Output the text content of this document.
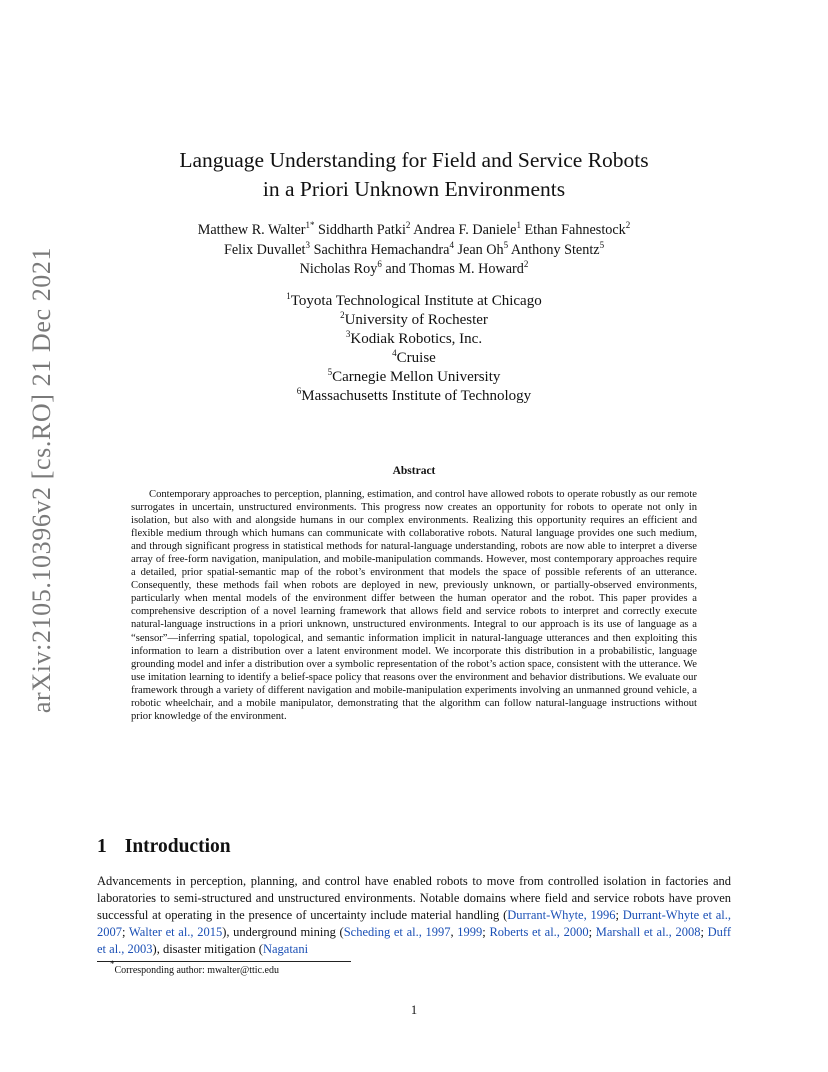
arXiv:2105.10396v2 [cs.RO] 21 Dec 2021
Language Understanding for Field and Service Robots
in a Priori Unknown Environments
Matthew R. Walter$^{1*}$ Siddharth Patki$^2$ Andrea F. Daniele$^1$ Ethan Fahnestock$^2$
Felix Duvallet$^3$ Sachithra Hemachandra$^4$ Jean Oh$^5$ Anthony Stentz$^5$
Nicholas Roy$^6$ and Thomas M. Howard$^2$
$^1$Toyota Technological Institute at Chicago
$^2$University of Rochester
$^3$Kodiak Robotics, Inc.
$^4$Cruise
$^5$Carnegie Mellon University
$^6$Massachusetts Institute of Technology
Abstract
Contemporary approaches to perception, planning, estimation, and control have allowed robots to operate robustly as our remote surrogates in uncertain, unstructured environments. This progress now creates an opportunity for robots to operate not only in isolation, but also with and alongside humans in our complex environments. Realizing this opportunity requires an efficient and flexible medium through which humans can communicate with collaborative robots. Natural language provides one such medium, and through significant progress in statistical methods for natural-language understanding, robots are now able to interpret a diverse array of free-form navigation, manipulation, and mobile-manipulation commands. However, most contemporary approaches require a detailed, prior spatial-semantic map of the robot’s environment that models the space of possible referents of an utterance. Consequently, these methods fail when robots are deployed in new, previously unknown, or partially-observed environments, particularly when mental models of the environment differ between the human operator and the robot. This paper provides a comprehensive description of a novel learning framework that allows field and service robots to interpret and correctly execute natural-language instructions in a priori unknown, unstructured environments. Integral to our approach is its use of language as a “sensor”—inferring spatial, topological, and semantic information implicit in natural-language utterances and then exploiting this information to learn a distribution over a latent environment model. We incorporate this distribution in a probabilistic, language grounding model and infer a distribution over a symbolic representation of the robot’s action space, consistent with the utterance. We use imitation learning to identify a belief-space policy that reasons over the environment and behavior distributions. We evaluate our framework through a variety of different navigation and mobile-manipulation experiments involving an unmanned ground vehicle, a robotic wheelchair, and a mobile manipulator, demonstrating that the algorithm can follow natural-language instructions without prior knowledge of the environment.
1 Introduction
Advancements in perception, planning, and control have enabled robots to move from controlled isolation in factories and laboratories to semi-structured and unstructured environments. Notable domains where field and service robots have proven successful at operating in the presence of uncertainty include material handling (Durrant-Whyte, 1996; Durrant-Whyte et al., 2007; Walter et al., 2015), underground mining (Scheding et al., 1997, 1999; Roberts et al., 2000; Marshall et al., 2008; Duff et al., 2003), disaster mitigation (Nagatani
*Corresponding author: mwalter@ttic.edu
1
